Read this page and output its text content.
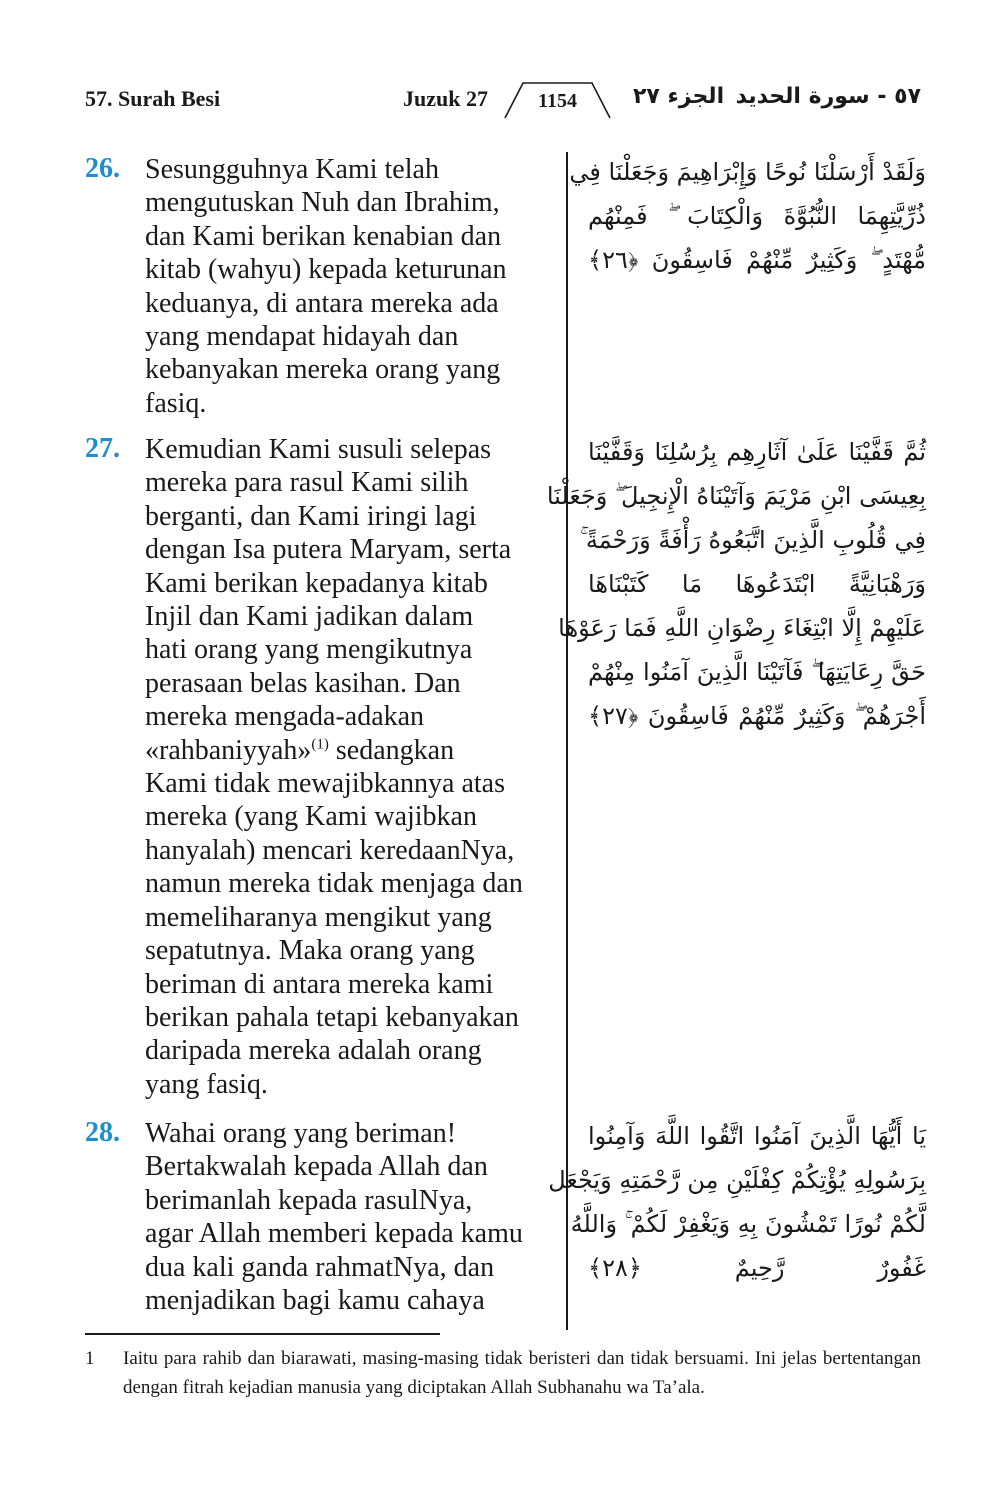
57. Surah Besi	Juzuk 27	1154	الجزء ٢٧ ٥٧ - سورة الحديد
26. Sesungguhnya Kami telah

mengutuskan Nuh dan Ibrahim,

dan Kami berikan kenabian dan

kitab (wahyu) kepada keturunan

keduanya, di antara mereka ada

yang mendapat hidayah dan

kebanyakan mereka orang yang

fasiq.

وَلَقَدْ أَرْسَلْنَا نُوحًا وَإِبْرَاهِيمَ وَجَعَلْنَا فِي
ذُرِّيَّتِهِمَا النُّبُوَّةَ وَالْكِتَابَ ۖ فَمِنْهُم
مُّهْتَدٍ ۖ وَكَثِيرٌ مِّنْهُمْ فَاسِقُونَ ﴿٢٦﴾
27. Kemudian Kami susuli selepas

mereka para rasul Kami silih

berganti, dan Kami iringi lagi

dengan Isa putera Maryam, serta

Kami berikan kepadanya kitab

Injil dan Kami jadikan dalam

hati orang yang mengikutnya

perasaan belas kasihan. Dan

mereka mengada-adakan

«rahbaniyyah»$^{(1)}$ sedangkan

Kami tidak mewajibkannya atas

mereka (yang Kami wajibkan

hanyalah) mencari keredaanNya,

namun mereka tidak menjaga dan

memeliharanya mengikut yang

sepatutnya. Maka orang yang

beriman di antara mereka kami

berikan pahala tetapi kebanyakan

daripada mereka adalah orang

yang fasiq.

ثُمَّ قَفَّيْنَا عَلَىٰ آثَارِهِم بِرُسُلِنَا وَقَفَّيْنَا
بِعِيسَى ابْنِ مَرْيَمَ وَآتَيْنَاهُ الْإِنجِيلَ ۖ وَجَعَلْنَا
فِي قُلُوبِ الَّذِينَ اتَّبَعُوهُ رَأْفَةً وَرَحْمَةً ۚ
وَرَهْبَانِيَّةً ابْتَدَعُوهَا مَا كَتَبْنَاهَا
عَلَيْهِمْ إِلَّا ابْتِغَاءَ رِضْوَانِ اللَّهِ فَمَا رَعَوْهَا
حَقَّ رِعَايَتِهَا ۖ فَآتَيْنَا الَّذِينَ آمَنُوا مِنْهُمْ
أَجْرَهُمْ ۖ وَكَثِيرٌ مِّنْهُمْ فَاسِقُونَ ﴿٢٧﴾
28. Wahai orang yang beriman!

Bertakwalah kepada Allah dan

berimanlah kepada rasulNya,

agar Allah memberi kepada kamu

dua kali ganda rahmatNya, dan

menjadikan bagi kamu cahaya

يَا أَيُّهَا الَّذِينَ آمَنُوا اتَّقُوا اللَّهَ وَآمِنُوا
بِرَسُولِهِ يُؤْتِكُمْ كِفْلَيْنِ مِن رَّحْمَتِهِ وَيَجْعَل
لَّكُمْ نُورًا تَمْشُونَ بِهِ وَيَغْفِرْ لَكُمْ ۚ وَاللَّهُ
غَفُورٌ رَّحِيمٌ ﴿٢٨﴾
1 Iaitu para rahib dan biarawati, masing-masing tidak beristeri dan tidak bersuami. Ini jelas bertentangan dengan fitrah kejadian manusia yang diciptakan Allah Subhanahu wa Ta’ala.
